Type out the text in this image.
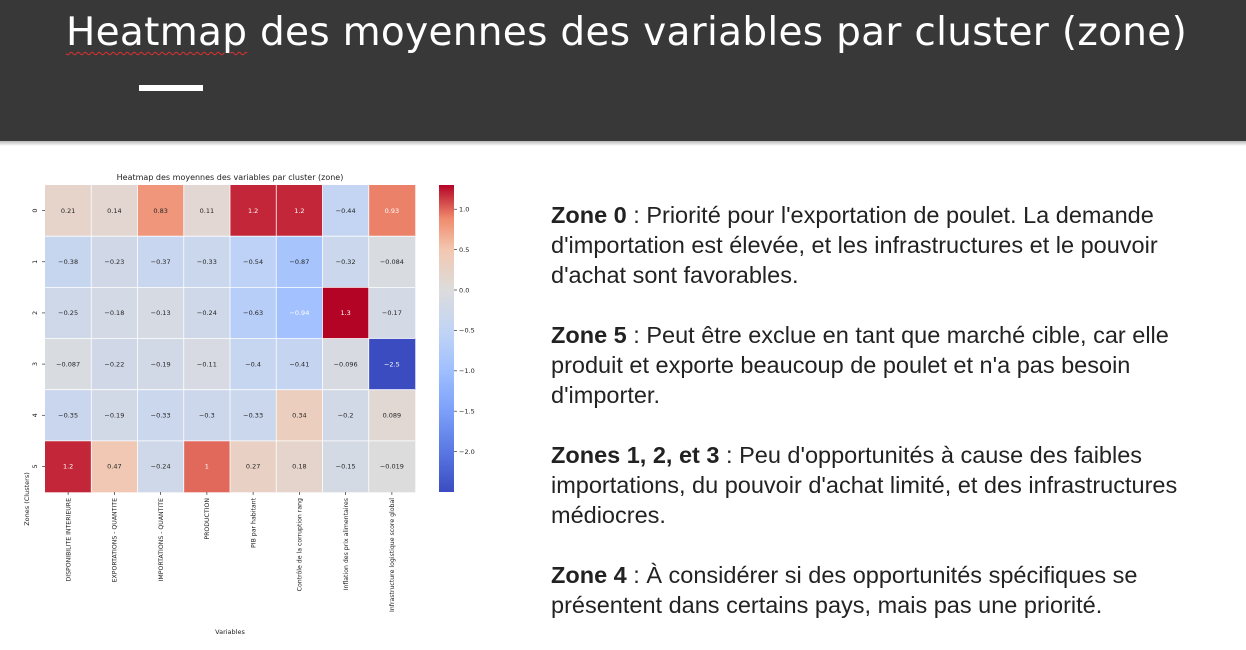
Heatmap des moyennes des variables par cluster (zone)
Heatmap des moyennes des variables par cluster (zone)
0.21	0.14	0.83	0.11	1.2	1.2	−0.44	0.93
−0.38	−0.23	−0.37	−0.33	−0.54	−0.87	−0.32	−0.084
−0.25	−0.18	−0.13	−0.24	−0.63	−0.94	1.3	−0.17
−0.087	−0.22	−0.19	−0.11	−0.4	−0.41	−0.096	−2.5
−0.35	−0.19	−0.33	−0.3	−0.33	0.34	−0.2	0.089
1.2	0.47	−0.24	1	0.27	0.18	−0.15	−0.019
0
1
2
3
4
5
DISPONIBILITE INTERIEURE	EXPORTATIONS - QUANTITE	IMPORTATIONS - QUANTITE	PRODUCTION	PIB par habitant	Contrôle de la corruption rang	Inflation des prix alimentaires	Infrastructure logistique score global
Zones (Clusters)
Variables
1.0
0.5
0.0
−0.5
−1.0
−1.5
−2.0

Zone 0 : Priorité pour l'exportation de poulet. La demande d'importation est élevée, et les infrastructures et le pouvoir d'achat sont favorables.

Zone 5 : Peut être exclue en tant que marché cible, car elle produit et exporte beaucoup de poulet et n'a pas besoin d'importer.

Zones 1, 2, et 3 : Peu d'opportunités à cause des faibles importations, du pouvoir d'achat limité, et des infrastructures médiocres.

Zone 4 : À considérer si des opportunités spécifiques se présentent dans certains pays, mais pas une priorité.
